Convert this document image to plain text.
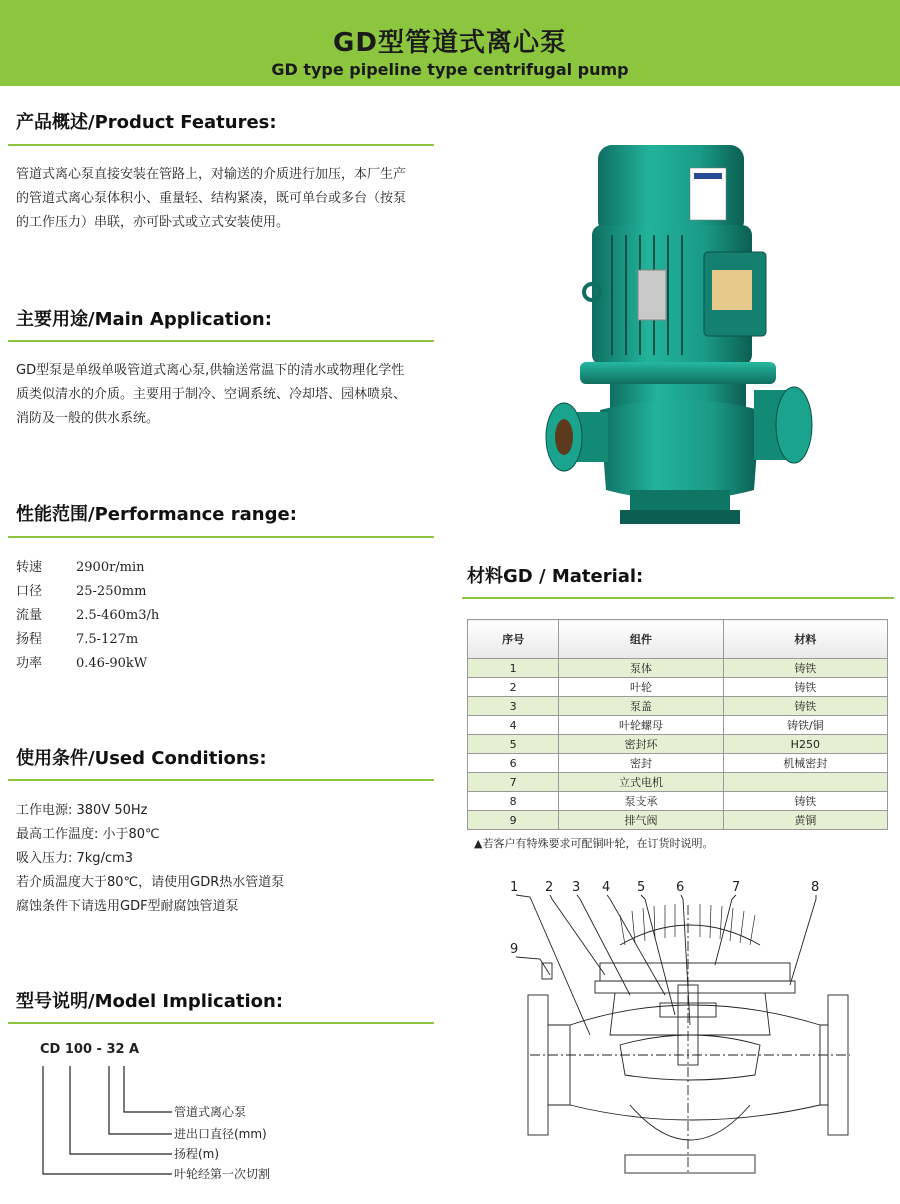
GD型管道式离心泵
GD type pipeline type centrifugal pump
产品概述/Product Features:
管道式离心泵直接安装在管路上，对输送的介质进行加压，本厂生产
的管道式离心泵体积小、重量轻、结构紧凑，既可单台或多台（按泵
的工作压力）串联，亦可卧式或立式安装使用。
主要用途/Main Application:
GD型泵是单级单吸管道式离心泵,供输送常温下的清水或物理化学性
质类似清水的介质。主要用于制冷、空调系统、冷却塔、园林喷泉、
消防及一般的供水系统。
性能范围/Performance range:
转速	2900r/min
口径	25-250mm
流量	2.5-460m3/h
扬程	7.5-127m
功率	0.46-90kW
使用条件/Used Conditions:
工作电源: 380V 50Hz
最高工作温度: 小于80℃
吸入压力: 7kg/cm3
若介质温度大于80℃，请使用GDR热水管道泵
腐蚀条件下请选用GDF型耐腐蚀管道泵
型号说明/Model Implication:
CD 100 - 32 A
管道式离心泵
进出口直径(mm)
扬程(m)
叶轮经第一次切割
材料GD / Material:
序号	组件	材料
1	泵体	铸铁
2	叶轮	铸铁
3	泵盖	铸铁
4	叶轮螺母	铸铁/铜
5	密封环	H250
6	密封	机械密封
7	立式电机	
8	泵支承	铸铁
9	排气阀	黄铜
▲若客户有特殊要求可配铜叶轮，在订货时说明。
1 2 3 4 5 6	7	8
9
